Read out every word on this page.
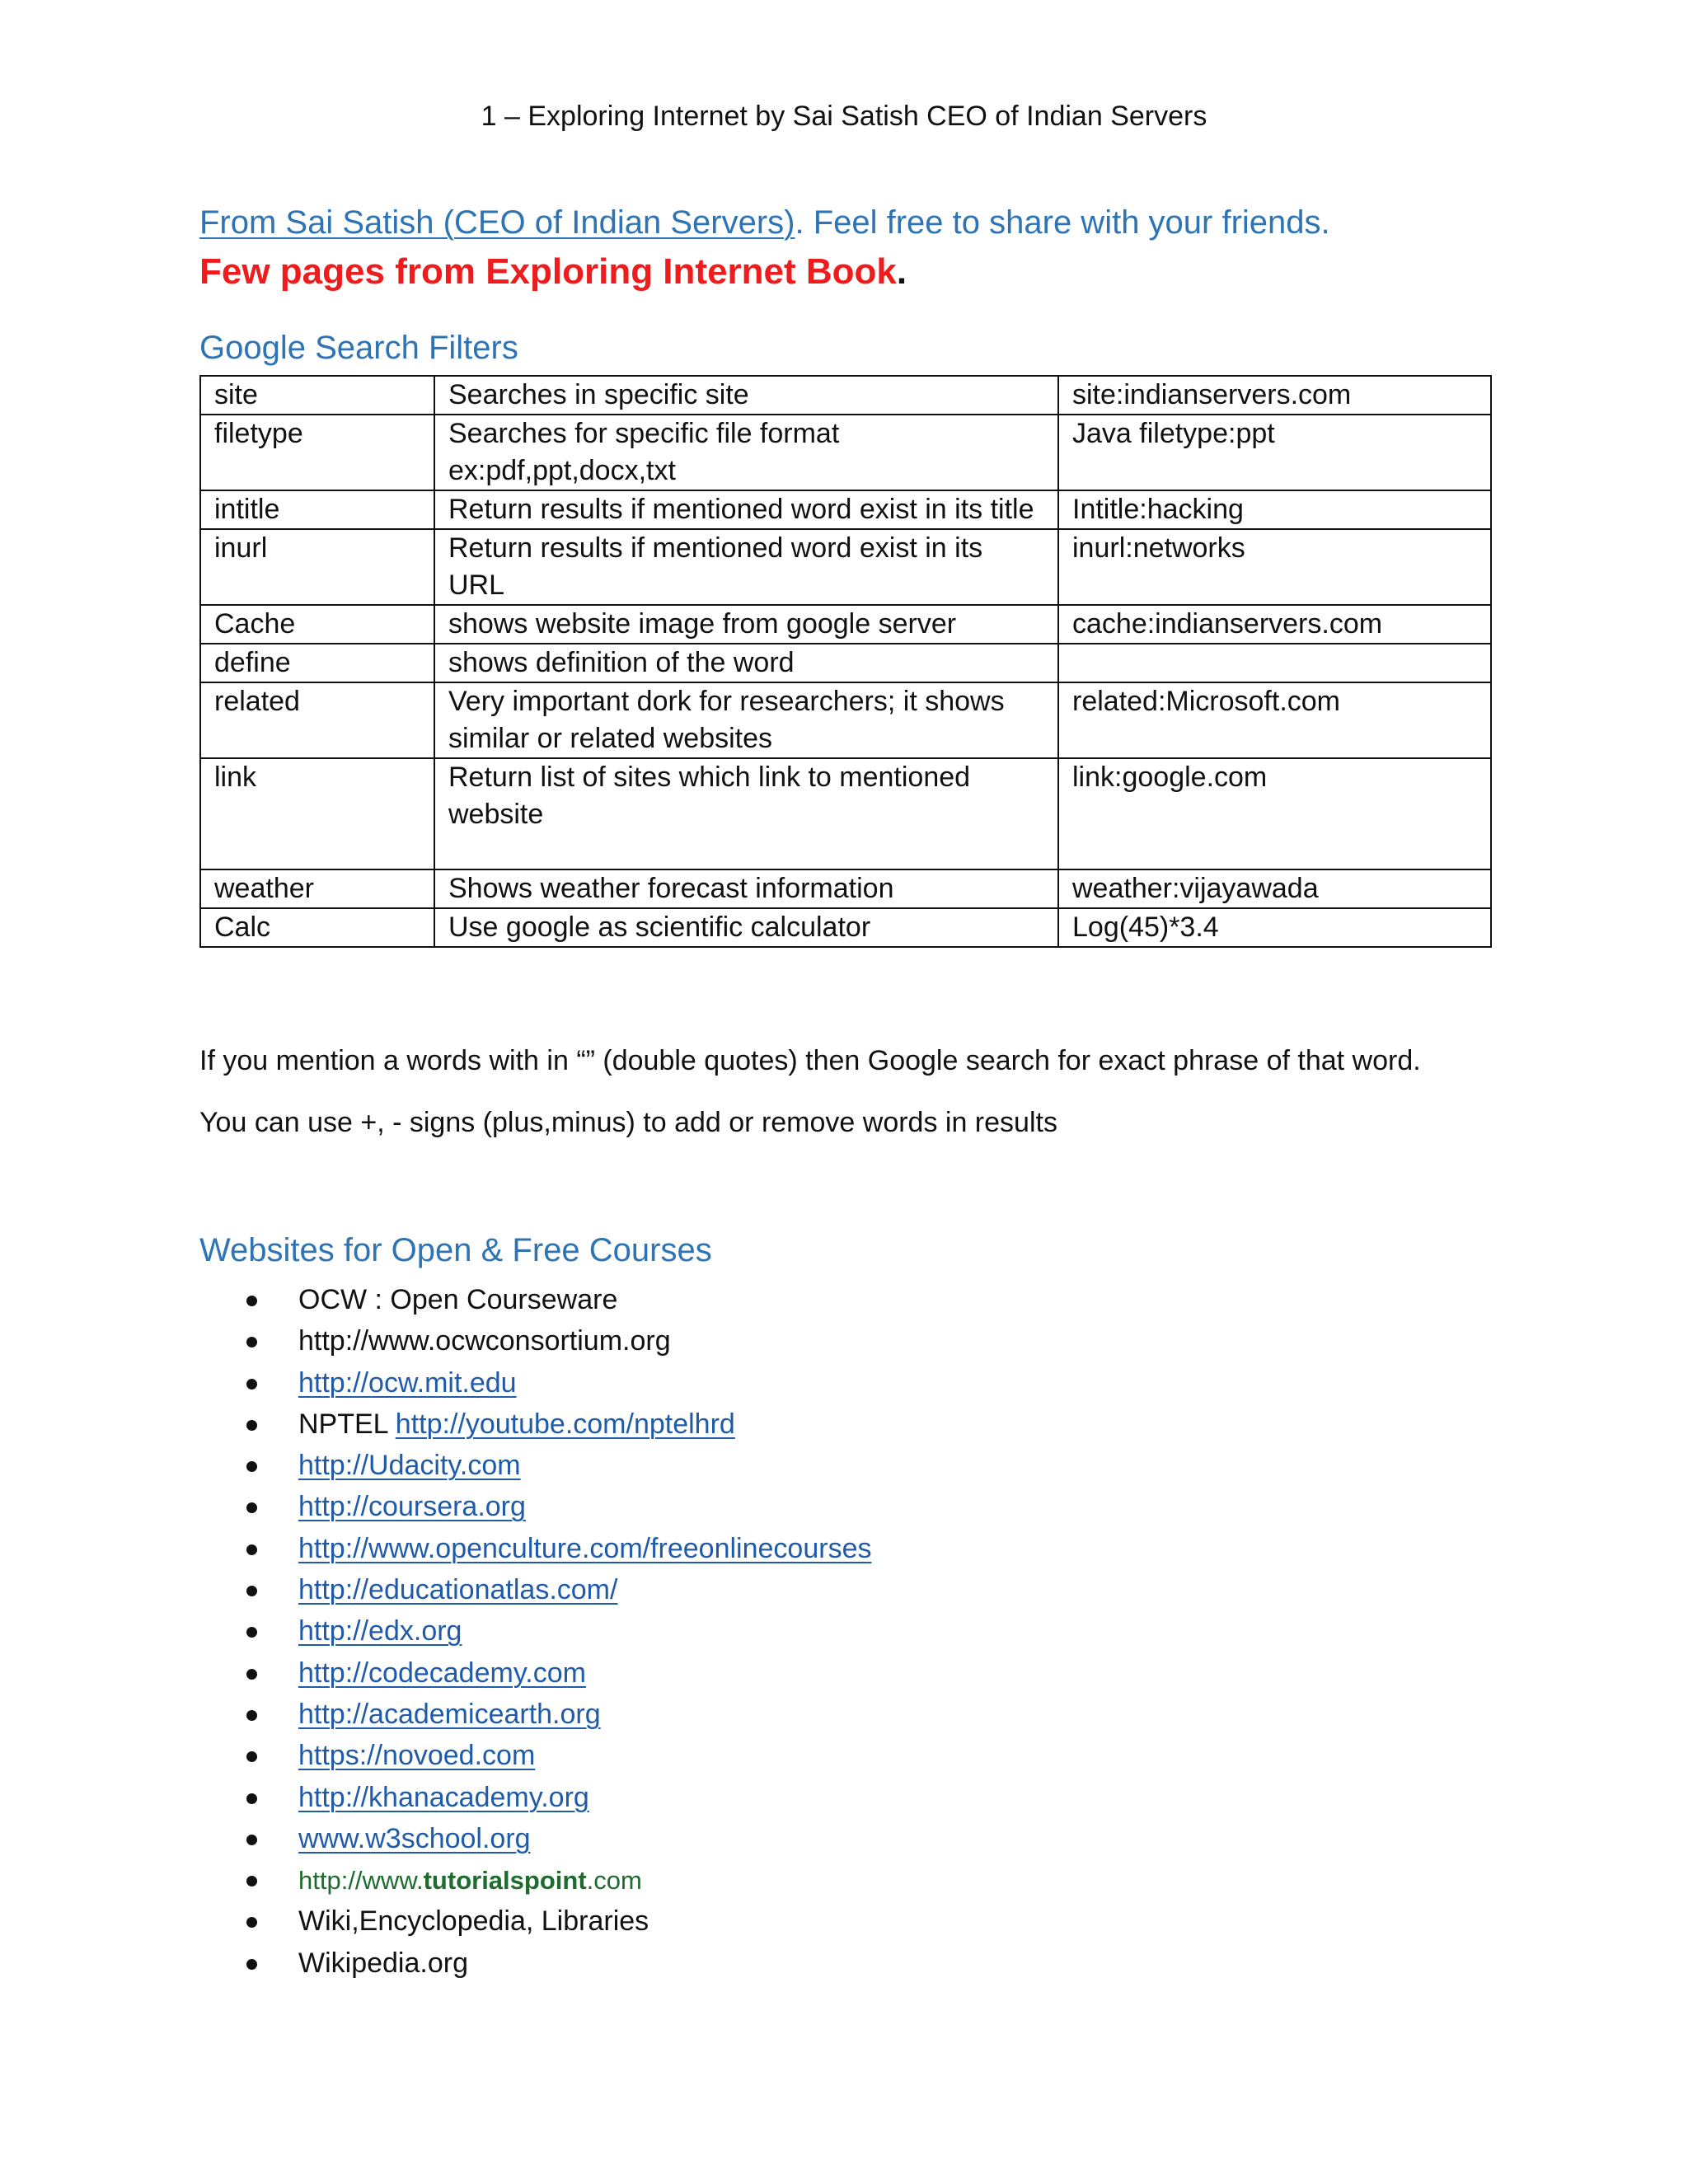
1 – Exploring Internet by Sai Satish CEO of Indian Servers
From Sai Satish (CEO of Indian Servers). Feel free to share with your friends.
Few pages from Exploring Internet Book.
Google Search Filters
site	Searches in specific site	site:indianservers.com
filetype	Searches for specific file format ex:pdf,ppt,docx,txt	Java filetype:ppt
intitle	Return results if mentioned word exist in its title	Intitle:hacking
inurl	Return results if mentioned word exist in its URL	inurl:networks
Cache	shows website image from google server	cache:indianservers.com
define	shows definition of the word	
related	Very important dork for researchers; it shows similar or related websites	related:Microsoft.com
link	Return list of sites which link to mentioned website	link:google.com
weather	Shows weather forecast information	weather:vijayawada
Calc	Use google as scientific calculator	Log(45)*3.4
If you mention a words with in “” (double quotes) then Google search for exact phrase of that word.
You can use +, - signs (plus,minus) to add or remove words in results
Websites for Open & Free Courses
OCW : Open Courseware
http://www.ocwconsortium.org
http://ocw.mit.edu
NPTEL http://youtube.com/nptelhrd
http://Udacity.com
http://coursera.org
http://www.openculture.com/freeonlinecourses
http://educationatlas.com/
http://edx.org
http://codecademy.com
http://academicearth.org
https://novoed.com
http://khanacademy.org
www.w3school.org
http://www.tutorialspoint.com
Wiki,Encyclopedia, Libraries
Wikipedia.org
